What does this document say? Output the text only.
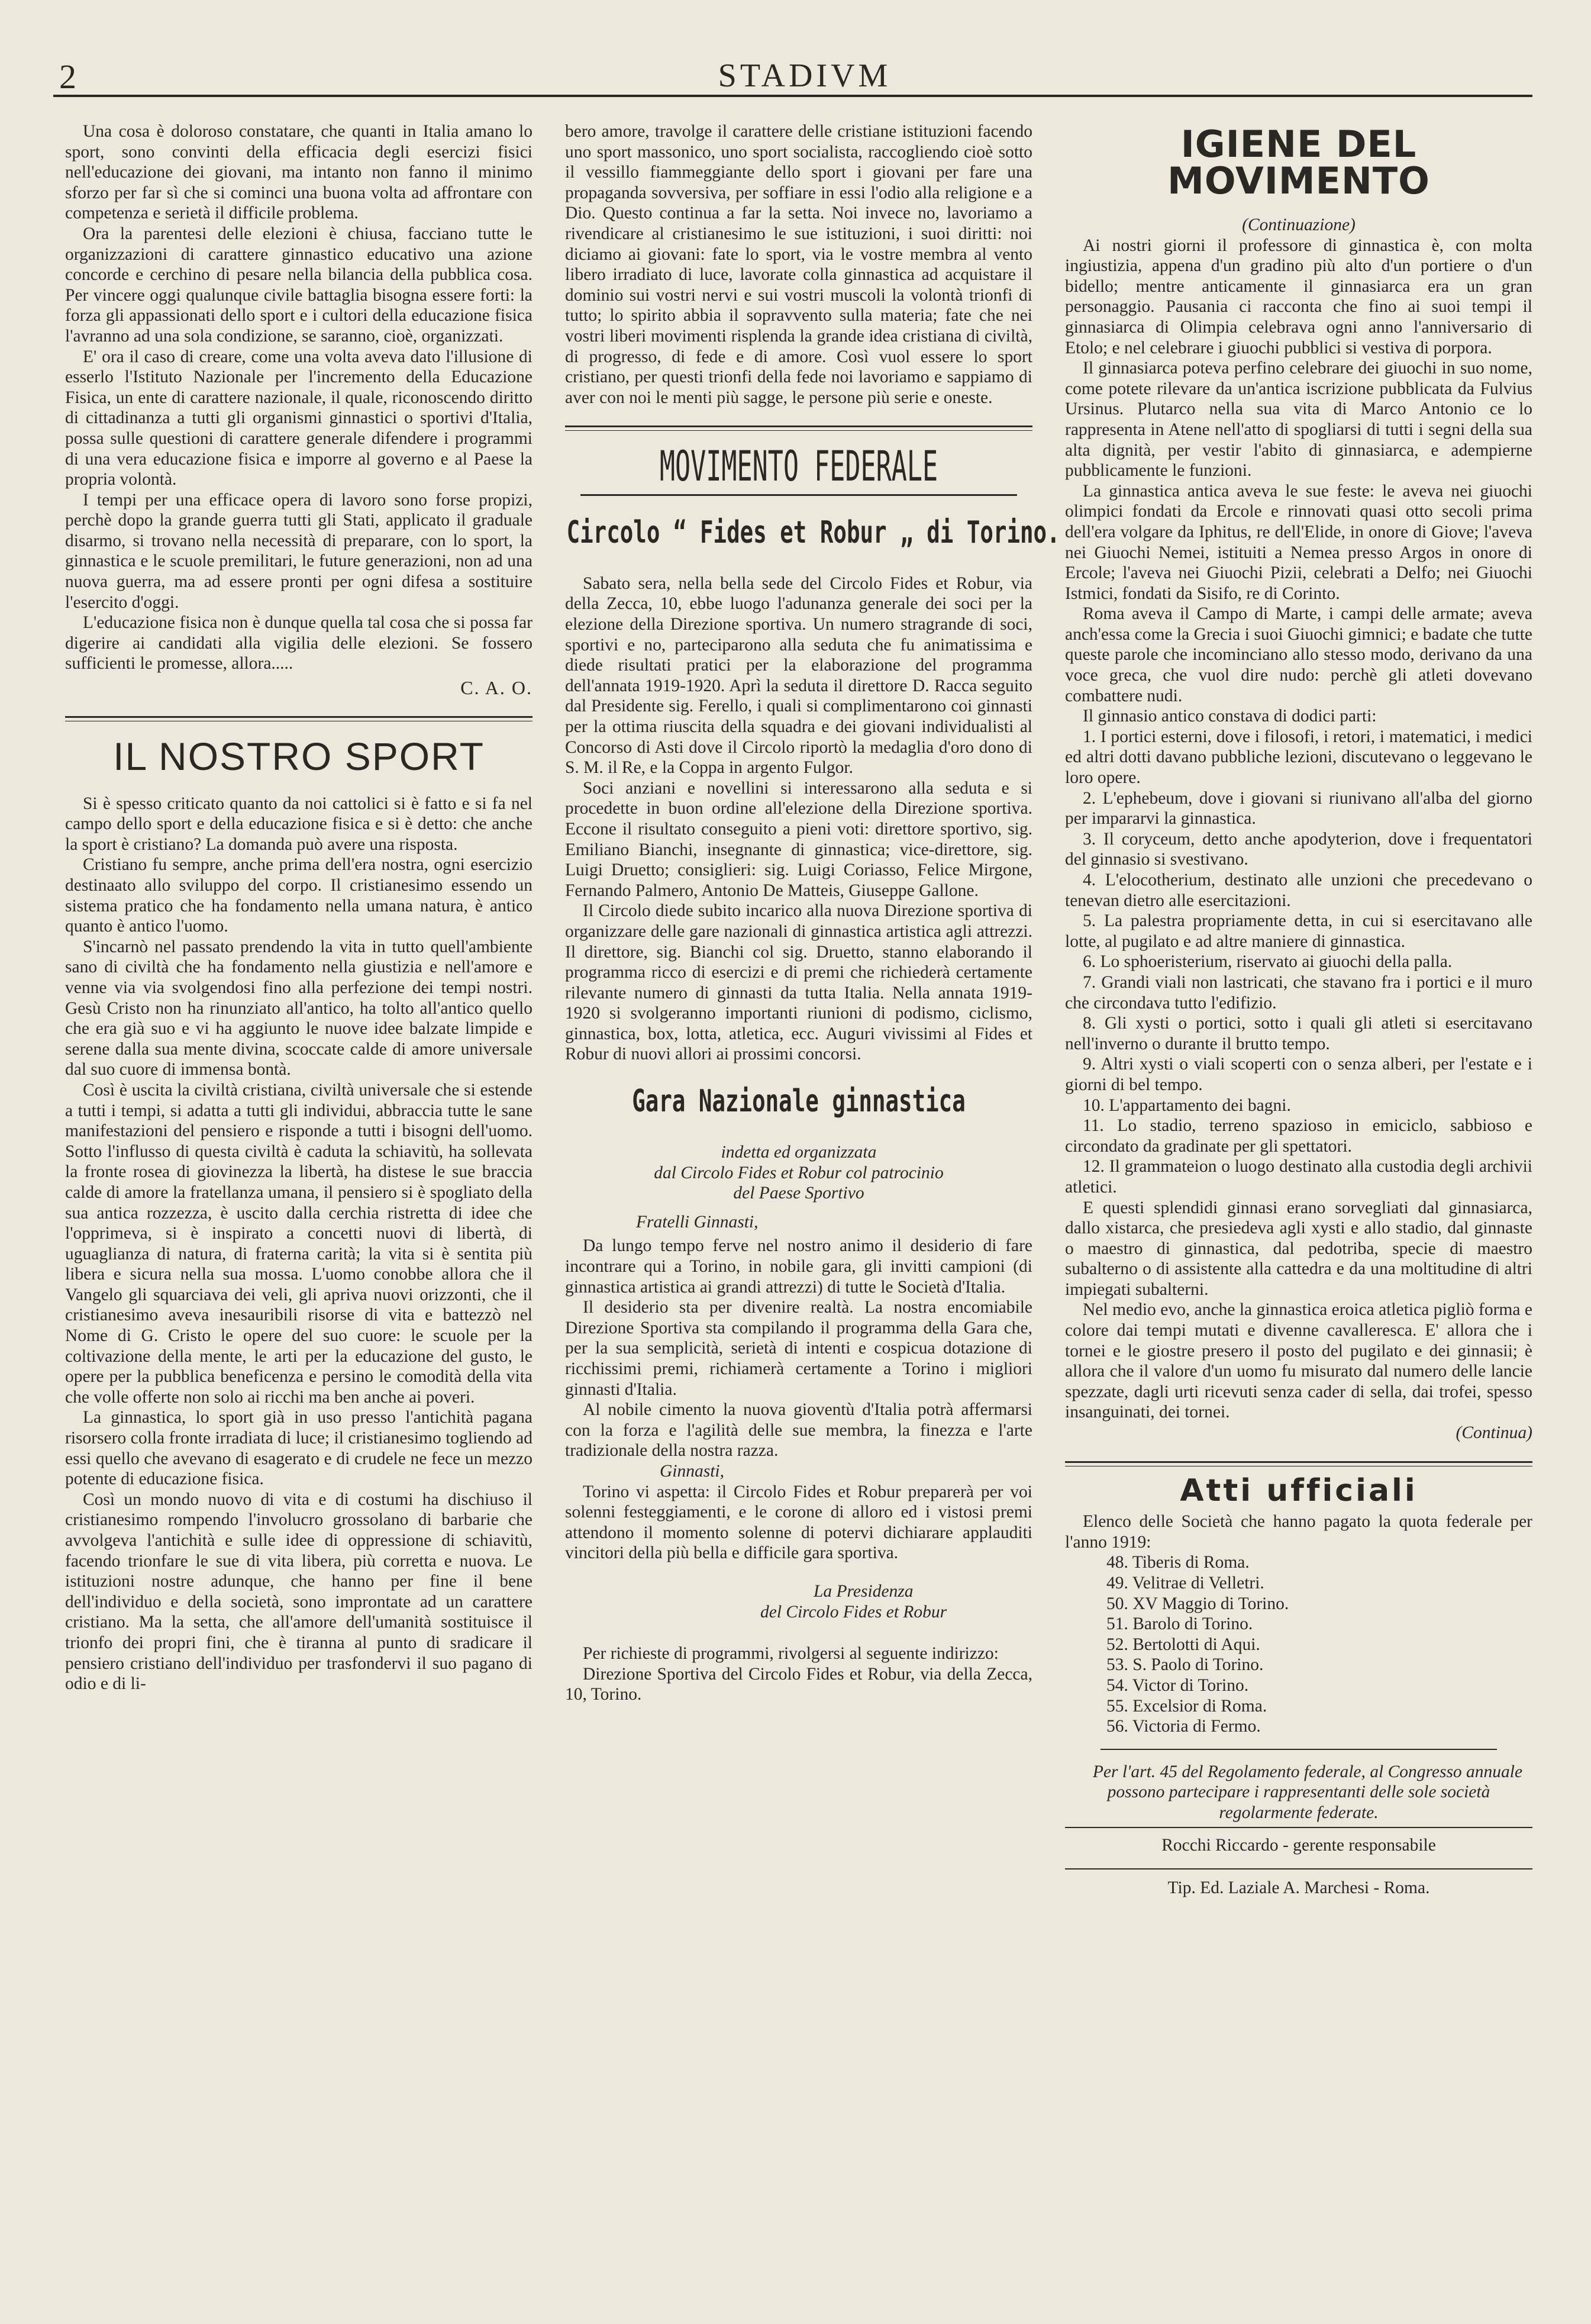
2	STADIVM

Una cosa è doloroso constatare, che quanti in Italia amano lo sport, sono convinti della efficacia degli esercizi fisici nell'educazione dei giovani, ma intanto non fanno il minimo sforzo per far sì che si cominci una buona volta ad affrontare con competenza e serietà il difficile problema.

Ora la parentesi delle elezioni è chiusa, facciano tutte le organizzazioni di carattere ginnastico educativo una azione concorde e cerchino di pesare nella bilancia della pubblica cosa. Per vincere oggi qualunque civile battaglia bisogna essere forti: la forza gli appassionati dello sport e i cultori della educazione fisica l'avranno ad una sola condizione, se saranno, cioè, organizzati.

E' ora il caso di creare, come una volta aveva dato l'illusione di esserlo l'Istituto Nazionale per l'incremento della Educazione Fisica, un ente di carattere nazionale, il quale, riconoscendo diritto di cittadinanza a tutti gli organismi ginnastici o sportivi d'Italia, possa sulle questioni di carattere generale difendere i programmi di una vera educazione fisica e imporre al governo e al Paese la propria volontà.

I tempi per una efficace opera di lavoro sono forse propizi, perchè dopo la grande guerra tutti gli Stati, applicato il graduale disarmo, si trovano nella necessità di preparare, con lo sport, la ginnastica e le scuole premilitari, le future generazioni, non ad una nuova guerra, ma ad essere pronti per ogni difesa a sostituire l'esercito d'oggi.

L'educazione fisica non è dunque quella tal cosa che si possa far digerire ai candidati alla vigilia delle elezioni. Se fossero sufficienti le promesse, allora.....

C. A. O.
IL NOSTRO SPORT

Si è spesso criticato quanto da noi cattolici si è fatto e si fa nel campo dello sport e della educazione fisica e si è detto: che anche la sport è cristiano? La domanda può avere una risposta.

Cristiano fu sempre, anche prima dell'era nostra, ogni esercizio destinaato allo sviluppo del corpo. Il cristianesimo essendo un sistema pratico che ha fondamento nella umana natura, è antico quanto è antico l'uomo.

S'incarnò nel passato prendendo la vita in tutto quell'ambiente sano di civiltà che ha fondamento nella giustizia e nell'amore e venne via via svolgendosi fino alla perfezione dei tempi nostri. Gesù Cristo non ha rinunziato all'antico, ha tolto all'antico quello che era già suo e vi ha aggiunto le nuove idee balzate limpide e serene dalla sua mente divina, scoccate calde di amore universale dal suo cuore di immensa bontà.

Così è uscita la civiltà cristiana, civiltà universale che si estende a tutti i tempi, si adatta a tutti gli individui, abbraccia tutte le sane manifestazioni del pensiero e risponde a tutti i bisogni dell'uomo. Sotto l'influsso di questa civiltà è caduta la schiavitù, ha sollevata la fronte rosea di giovinezza la libertà, ha distese le sue braccia calde di amore la fratellanza umana, il pensiero si è spogliato della sua antica rozzezza, è uscito dalla cerchia ristretta di idee che l'opprimeva, si è inspirato a concetti nuovi di libertà, di uguaglianza di natura, di fraterna carità; la vita si è sentita più libera e sicura nella sua mossa. L'uomo conobbe allora che il Vangelo gli squarciava dei veli, gli apriva nuovi orizzonti, che il cristianesimo aveva inesauribili risorse di vita e battezzò nel Nome di G. Cristo le opere del suo cuore: le scuole per la coltivazione della mente, le arti per la educazione del gusto, le opere per la pubblica beneficenza e persino le comodità della vita che volle offerte non solo ai ricchi ma ben anche ai poveri.

La ginnastica, lo sport già in uso presso l'antichità pagana risorsero colla fronte irradiata di luce; il cristianesimo togliendo ad essi quello che avevano di esagerato e di crudele ne fece un mezzo potente di educazione fisica.

Così un mondo nuovo di vita e di costumi ha dischiuso il cristianesimo rompendo l'involucro grossolano di barbarie che avvolgeva l'antichità e sulle idee di oppressione di schiavitù, facendo trionfare le sue di vita libera, più corretta e nuova. Le istituzioni nostre adunque, che hanno per fine il bene dell'individuo e della società, sono improntate ad un carattere cristiano. Ma la setta, che all'amore dell'umanità sostituisce il trionfo dei propri fini, che è tiranna al punto di sradicare il pensiero cristiano dell'individuo per trasfondervi il suo pagano di odio e di li-

bero amore, travolge il carattere delle cristiane istituzioni facendo uno sport massonico, uno sport socialista, raccogliendo cioè sotto il vessillo fiammeggiante dello sport i giovani per fare una propaganda sovversiva, per soffiare in essi l'odio alla religione e a Dio. Questo continua a far la setta. Noi invece no, lavoriamo a rivendicare al cristianesimo le sue istituzioni, i suoi diritti: noi diciamo ai giovani: fate lo sport, via le vostre membra al vento libero irradiato di luce, lavorate colla ginnastica ad acquistare il dominio sui vostri nervi e sui vostri muscoli la volontà trionfi di tutto; lo spirito abbia il sopravvento sulla materia; fate che nei vostri liberi movimenti risplenda la grande idea cristiana di civiltà, di progresso, di fede e di amore. Così vuol essere lo sport cristiano, per questi trionfi della fede noi lavoriamo e sappiamo di aver con noi le menti più sagge, le persone più serie e oneste.

MOVIMENTO FEDERALE
Circolo “ Fides et Robur „ di Torino.

Sabato sera, nella bella sede del Circolo Fides et Robur, via della Zecca, 10, ebbe luogo l'adunanza generale dei soci per la elezione della Direzione sportiva. Un numero stragrande di soci, sportivi e no, parteciparono alla seduta che fu animatissima e diede risultati pratici per la elaborazione del programma dell'annata 1919-1920. Aprì la seduta il direttore D. Racca seguito dal Presidente sig. Ferello, i quali si complimentarono coi ginnasti per la ottima riuscita della squadra e dei giovani individualisti al Concorso di Asti dove il Circolo riportò la medaglia d'oro dono di S. M. il Re, e la Coppa in argento Fulgor.

Soci anziani e novellini si interessarono alla seduta e si procedette in buon ordine all'elezione della Direzione sportiva. Eccone il risultato conseguito a pieni voti: direttore sportivo, sig. Emiliano Bianchi, insegnante di ginnastica; vice-direttore, sig. Luigi Druetto; consiglieri: sig. Luigi Coriasso, Felice Mirgone, Fernando Palmero, Antonio De Matteis, Giuseppe Gallone.

Il Circolo diede subito incarico alla nuova Direzione sportiva di organizzare delle gare nazionali di ginnastica artistica agli attrezzi. Il direttore, sig. Bianchi col sig. Druetto, stanno elaborando il programma ricco di esercizi e di premi che richiederà certamente rilevante numero di ginnasti da tutta Italia. Nella annata 1919-1920 si svolgeranno importanti riunioni di podismo, ciclismo, ginnastica, box, lotta, atletica, ecc. Auguri vivissimi al Fides et Robur di nuovi allori ai prossimi concorsi.

Gara Nazionale ginnastica

indetta ed organizzata

dal Circolo Fides et Robur col patrocinio

del Paese Sportivo

Fratelli Ginnasti,

Da lungo tempo ferve nel nostro animo il desiderio di fare incontrare qui a Torino, in nobile gara, gli invitti campioni (di ginnastica artistica ai grandi attrezzi) di tutte le Società d'Italia.

Il desiderio sta per divenire realtà. La nostra encomiabile Direzione Sportiva sta compilando il programma della Gara che, per la sua semplicità, serietà di intenti e cospicua dotazione di ricchissimi premi, richiamerà certamente a Torino i migliori ginnasti d'Italia.

Al nobile cimento la nuova gioventù d'Italia potrà affermarsi con la forza e l'agilità delle sue membra, la finezza e l'arte tradizionale della nostra razza.

Ginnasti,

Torino vi aspetta: il Circolo Fides et Robur preparerà per voi solenni festeggiamenti, e le corone di alloro ed i vistosi premi attendono il momento solenne di potervi dichiarare applauditi vincitori della più bella e difficile gara sportiva.

La Presidenza

del Circolo Fides et Robur

Per richieste di programmi, rivolgersi al seguente indirizzo:

Direzione Sportiva del Circolo Fides et Robur, via della Zecca, 10, Torino.

IGIENE DEL MOVIMENTO

(Continuazione)

Ai nostri giorni il professore di ginnastica è, con molta ingiustizia, appena d'un gradino più alto d'un portiere o d'un bidello; mentre anticamente il ginnasiarca era un gran personaggio. Pausania ci racconta che fino ai suoi tempi il ginnasiarca di Olimpia celebrava ogni anno l'anniversario di Etolo; e nel celebrare i giuochi pubblici si vestiva di porpora.

Il ginnasiarca poteva perfino celebrare dei giuochi in suo nome, come potete rilevare da un'antica iscrizione pubblicata da Fulvius Ursinus. Plutarco nella sua vita di Marco Antonio ce lo rappresenta in Atene nell'atto di spogliarsi di tutti i segni della sua alta dignità, per vestir l'abito di ginnasiarca, e adempierne pubblicamente le funzioni.

La ginnastica antica aveva le sue feste: le aveva nei giuochi olimpici fondati da Ercole e rinnovati quasi otto secoli prima dell'era volgare da Iphitus, re dell'Elide, in onore di Giove; l'aveva nei Giuochi Nemei, istituiti a Nemea presso Argos in onore di Ercole; l'aveva nei Giuochi Pizii, celebrati a Delfo; nei Giuochi Istmici, fondati da Sisifo, re di Corinto.

Roma aveva il Campo di Marte, i campi delle armate; aveva anch'essa come la Grecia i suoi Giuochi gimnici; e badate che tutte queste parole che incominciano allo stesso modo, derivano da una voce greca, che vuol dire nudo: perchè gli atleti dovevano combattere nudi.

Il ginnasio antico constava di dodici parti:

1. I portici esterni, dove i filosofi, i retori, i matematici, i medici ed altri dotti davano pubbliche lezioni, discutevano o leggevano le loro opere.

2. L'ephebeum, dove i giovani si riunivano all'alba del giorno per impararvi la ginnastica.

3. Il coryceum, detto anche apodyterion, dove i frequentatori del ginnasio si svestivano.

4. L'elocotherium, destinato alle unzioni che precedevano o tenevan dietro alle esercitazioni.

5. La palestra propriamente detta, in cui si esercitavano alle lotte, al pugilato e ad altre maniere di ginnastica.

6. Lo sphoeristerium, riservato ai giuochi della palla.

7. Grandi viali non lastricati, che stavano fra i portici e il muro che circondava tutto l'edifizio.

8. Gli xysti o portici, sotto i quali gli atleti si esercitavano nell'inverno o durante il brutto tempo.

9. Altri xysti o viali scoperti con o senza alberi, per l'estate e i giorni di bel tempo.

10. L'appartamento dei bagni.

11. Lo stadio, terreno spazioso in emiciclo, sabbioso e circondato da gradinate per gli spettatori.

12. Il grammateion o luogo destinato alla custodia degli archivii atletici.

E questi splendidi ginnasi erano sorvegliati dal ginnasiarca, dallo xistarca, che presiedeva agli xysti e allo stadio, dal ginnaste o maestro di ginnastica, dal pedotriba, specie di maestro subalterno o di assistente alla cattedra e da una moltitudine di altri impiegati subalterni.

Nel medio evo, anche la ginnastica eroica atletica pigliò forma e colore dai tempi mutati e divenne cavalleresca. E' allora che i tornei e le giostre presero il posto del pugilato e dei ginnasii; è allora che il valore d'un uomo fu misurato dal numero delle lancie spezzate, dagli urti ricevuti senza cader di sella, dai trofei, spesso insanguinati, dei tornei.

(Continua)

Atti ufficiali

Elenco delle Società che hanno pagato la quota federale per l'anno 1919:

48. Tiberis di Roma.
49. Velitrae di Velletri.
50. XV Maggio di Torino.
51. Barolo di Torino.
52. Bertolotti di Aqui.
53. S. Paolo di Torino.
54. Victor di Torino.
55. Excelsior di Roma.
56. Victoria di Fermo.

Per l'art. 45 del Regolamento federale, al Congresso annuale possono partecipare i rappresentanti delle sole società regolarmente federate.

Rocchi Riccardo - gerente responsabile
Tip. Ed. Laziale A. Marchesi - Roma.
